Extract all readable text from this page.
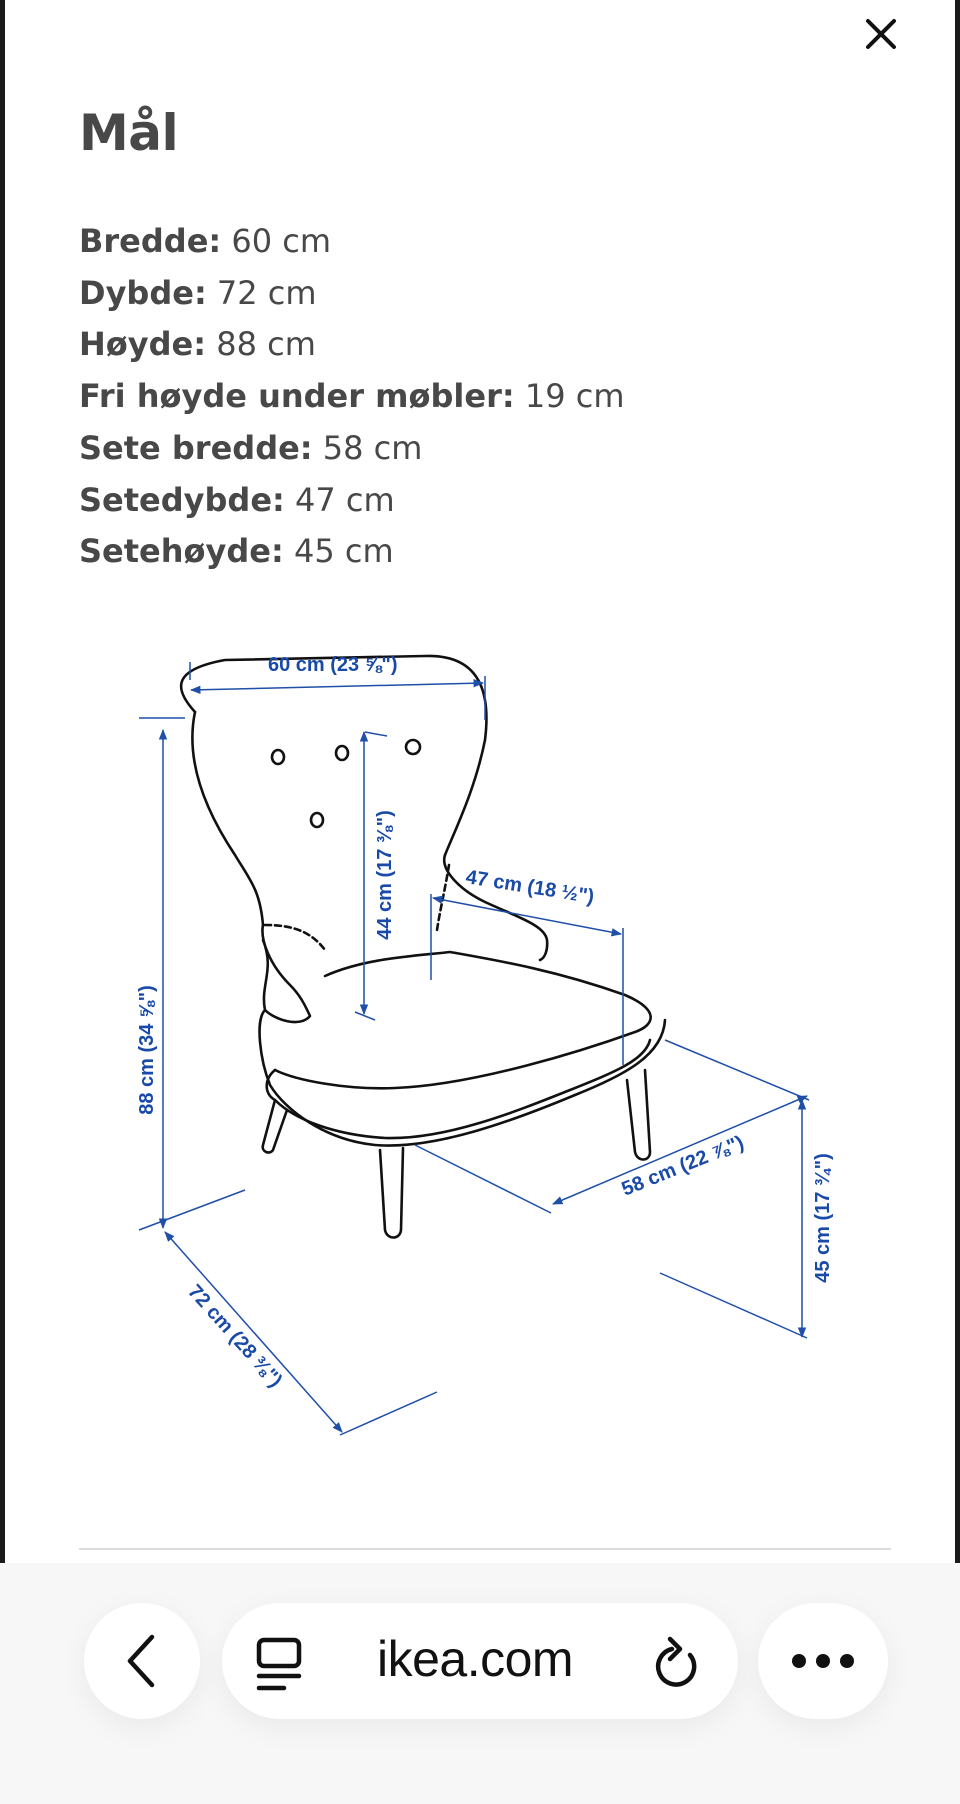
Mål
Bredde: 60 cm
Dybde: 72 cm
Høyde: 88 cm
Fri høyde under møbler: 19 cm
Sete bredde: 58 cm
Setedybde: 47 cm
Setehøyde: 45 cm
60 cm (23 ⅝")
88 cm (34 ⅝")
44 cm (17 ⅜")	47 cm (18 ½")
58 cm (22 ⅞")	45 cm (17 ¾")
72 cm (28 ⅜")
ikea.com
